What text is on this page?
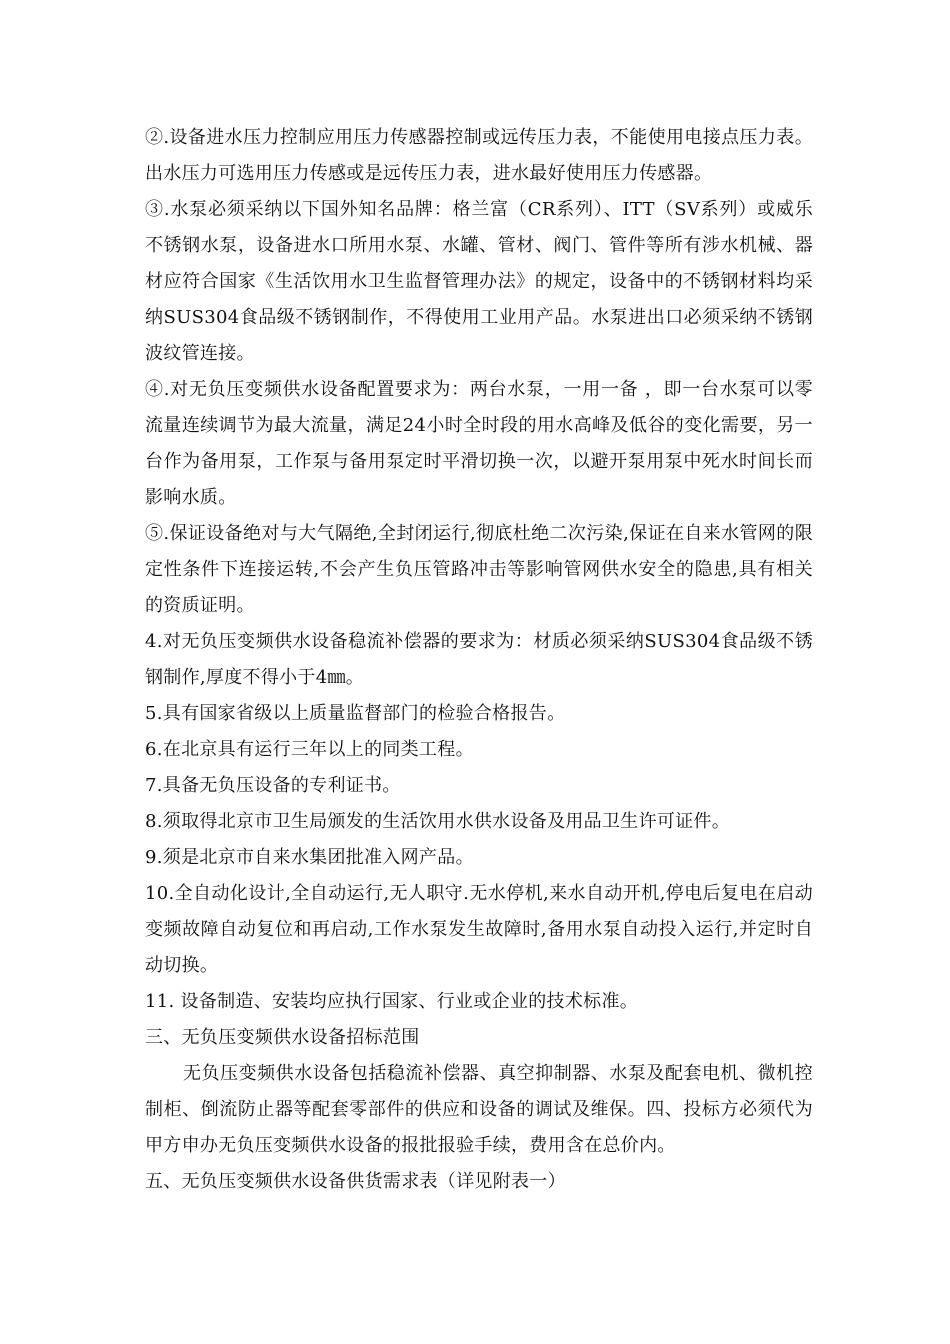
②.设备进水压力控制应用压力传感器控制或远传压力表，不能使用电接点压力表。出水压力可选用压力传感或是远传压力表，进水最好使用压力传感器。

③.水泵必须采纳以下国外知名品牌：格兰富（CR系列）、ITT（SV系列）或威乐不锈钢水泵，设备进水口所用水泵、水罐、管材、阀门、管件等所有涉水机械、器材应符合国家《生活饮用水卫生监督管理办法》的规定，设备中的不锈钢材料均采纳SUS304食品级不锈钢制作，不得使用工业用产品。水泵进出口必须采纳不锈钢波纹管连接。

④.对无负压变频供水设备配置要求为：两台水泵，一用一备 ，即一台水泵可以零流量连续调节为最大流量，满足24小时全时段的用水高峰及低谷的变化需要，另一台作为备用泵，工作泵与备用泵定时平滑切换一次，以避开泵用泵中死水时间长而影响水质。

⑤.保证设备绝对与大气隔绝,全封闭运行,彻底杜绝二次污染,保证在自来水管网的限定性条件下连接运转,不会产生负压管路冲击等影响管网供水安全的隐患,具有相关的资质证明。

4.对无负压变频供水设备稳流补偿器的要求为：材质必须采纳SUS304食品级不锈钢制作,厚度不得小于4㎜。

5.具有国家省级以上质量监督部门的检验合格报告。

6.在北京具有运行三年以上的同类工程。

7.具备无负压设备的专利证书。

8.须取得北京市卫生局颁发的生活饮用水供水设备及用品卫生许可证件。

9.须是北京市自来水集团批准入网产品。

10.全自动化设计,全自动运行,无人职守.无水停机,来水自动开机,停电后复电在启动变频故障自动复位和再启动,工作水泵发生故障时,备用水泵自动投入运行,并定时自动切换。

11. 设备制造、安装均应执行国家、行业或企业的技术标准。

三、无负压变频供水设备招标范围

无负压变频供水设备包括稳流补偿器、真空抑制器、水泵及配套电机、微机控制柜、倒流防止器等配套零部件的供应和设备的调试及维保。四、投标方必须代为甲方申办无负压变频供水设备的报批报验手续，费用含在总价内。

五、无负压变频供水设备供货需求表（详见附表一）
